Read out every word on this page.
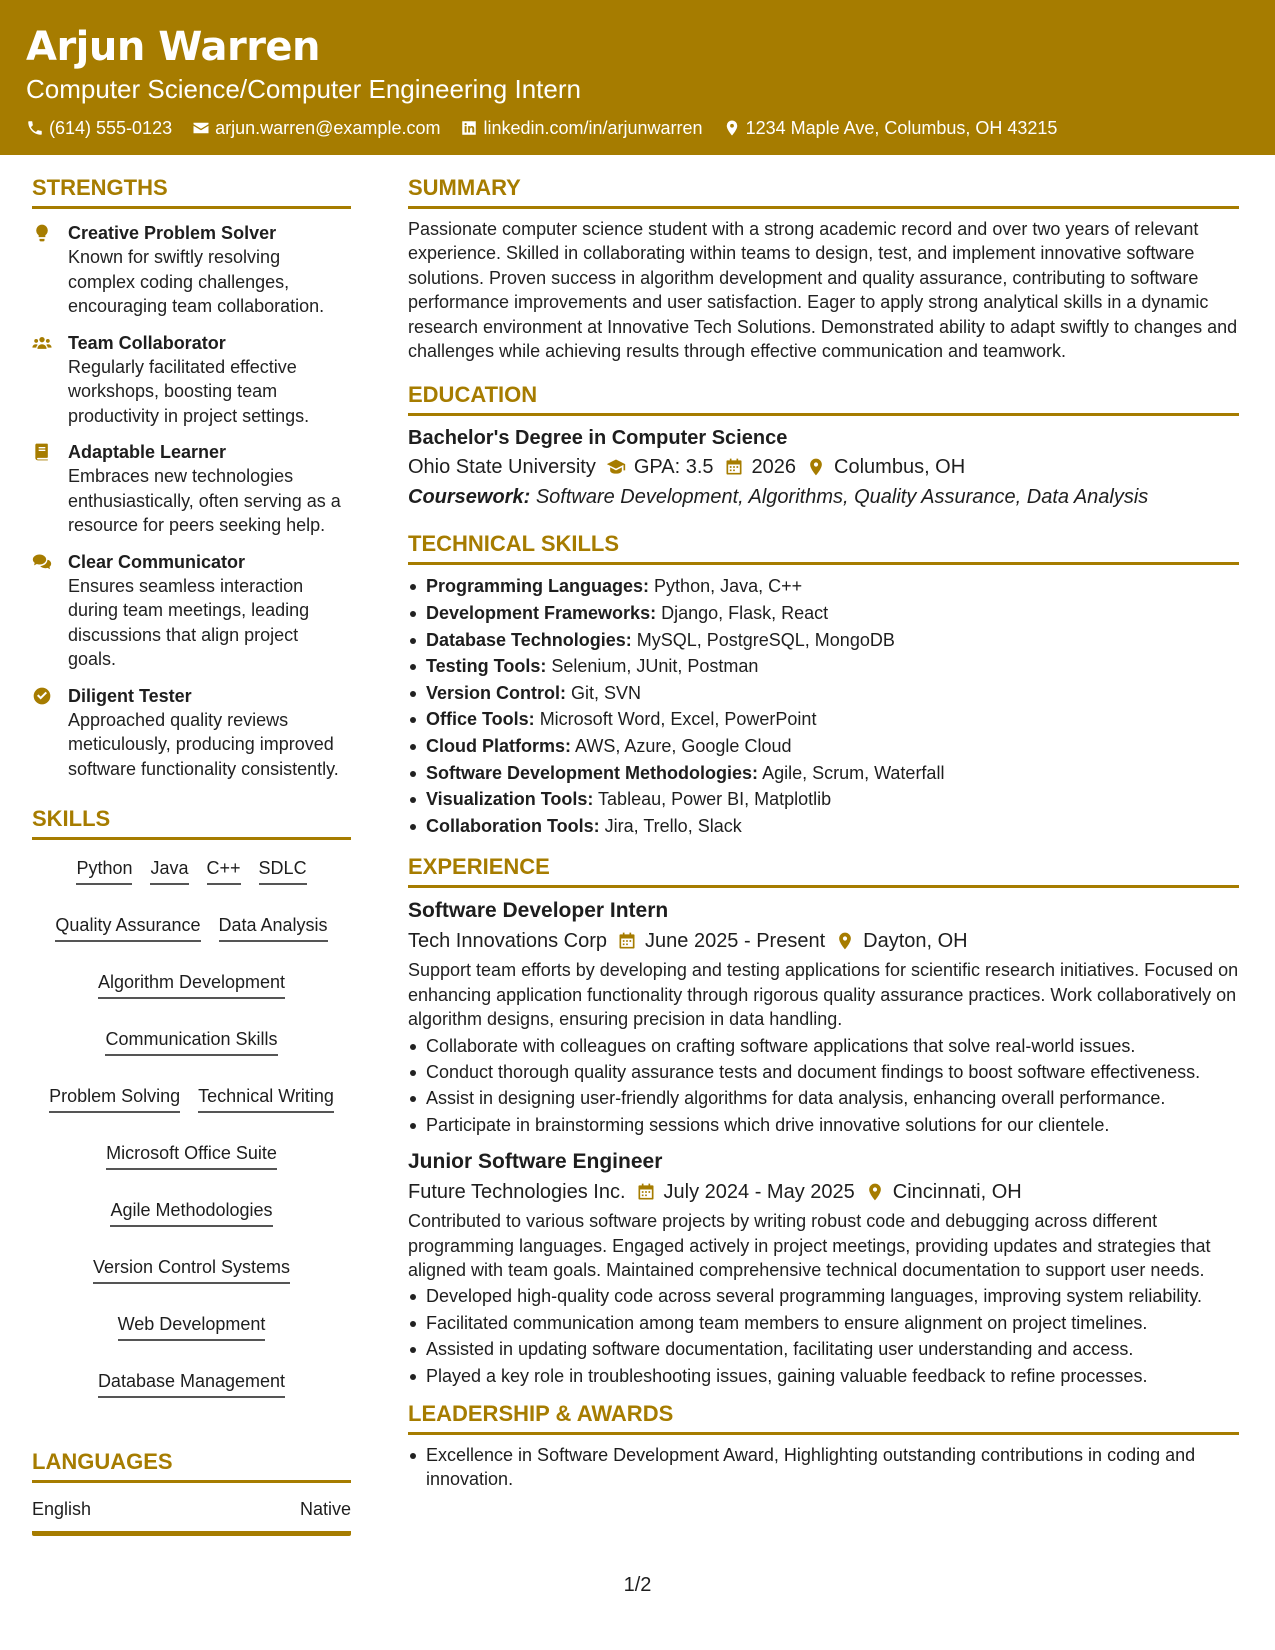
Arjun Warren
Computer Science/Computer Engineering Intern
(614) 555-0123 arjun.warren@example.com linkedin.com/in/arjunwarren 1234 Maple Ave, Columbus, OH 43215
STRENGTHS
Creative Problem Solver
Known for swiftly resolving complex coding challenges, encouraging team collaboration.
Team Collaborator
Regularly facilitated effective workshops, boosting team productivity in project settings.
Adaptable Learner
Embraces new technologies enthusiastically, often serving as a resource for peers seeking help.
Clear Communicator
Ensures seamless interaction during team meetings, leading discussions that align project goals.
Diligent Tester
Approached quality reviews meticulously, producing improved software functionality consistently.
SKILLS
Python Java C++ SDLC
Quality Assurance Data Analysis
Algorithm Development
Communication Skills
Problem Solving Technical Writing
Microsoft Office Suite
Agile Methodologies
Version Control Systems
Web Development
Database Management
LANGUAGES
English	Native
SUMMARY
Passionate computer science student with a strong academic record and over two years of relevant experience. Skilled in collaborating within teams to design, test, and implement innovative software solutions. Proven success in algorithm development and quality assurance, contributing to software performance improvements and user satisfaction. Eager to apply strong analytical skills in a dynamic research environment at Innovative Tech Solutions. Demonstrated ability to adapt swiftly to changes and challenges while achieving results through effective communication and teamwork.
EDUCATION
Bachelor's Degree in Computer Science
Ohio State University GPA: 3.5 2026 Columbus, OH
Coursework: Software Development, Algorithms, Quality Assurance, Data Analysis
TECHNICAL SKILLS
Programming Languages: Python, Java, C++
Development Frameworks: Django, Flask, React
Database Technologies: MySQL, PostgreSQL, MongoDB
Testing Tools: Selenium, JUnit, Postman
Version Control: Git, SVN
Office Tools: Microsoft Word, Excel, PowerPoint
Cloud Platforms: AWS, Azure, Google Cloud
Software Development Methodologies: Agile, Scrum, Waterfall
Visualization Tools: Tableau, Power BI, Matplotlib
Collaboration Tools: Jira, Trello, Slack
EXPERIENCE
Software Developer Intern
Tech Innovations Corp June 2025 - Present Dayton, OH
Support team efforts by developing and testing applications for scientific research initiatives. Focused on enhancing application functionality through rigorous quality assurance practices. Work collaboratively on algorithm designs, ensuring precision in data handling.
Collaborate with colleagues on crafting software applications that solve real-world issues.
Conduct thorough quality assurance tests and document findings to boost software effectiveness.
Assist in designing user-friendly algorithms for data analysis, enhancing overall performance.
Participate in brainstorming sessions which drive innovative solutions for our clientele.
Junior Software Engineer
Future Technologies Inc. July 2024 - May 2025 Cincinnati, OH
Contributed to various software projects by writing robust code and debugging across different programming languages. Engaged actively in project meetings, providing updates and strategies that aligned with team goals. Maintained comprehensive technical documentation to support user needs.
Developed high-quality code across several programming languages, improving system reliability.
Facilitated communication among team members to ensure alignment on project timelines.
Assisted in updating software documentation, facilitating user understanding and access.
Played a key role in troubleshooting issues, gaining valuable feedback to refine processes.
LEADERSHIP & AWARDS
Excellence in Software Development Award, Highlighting outstanding contributions in coding and innovation.
1/2
